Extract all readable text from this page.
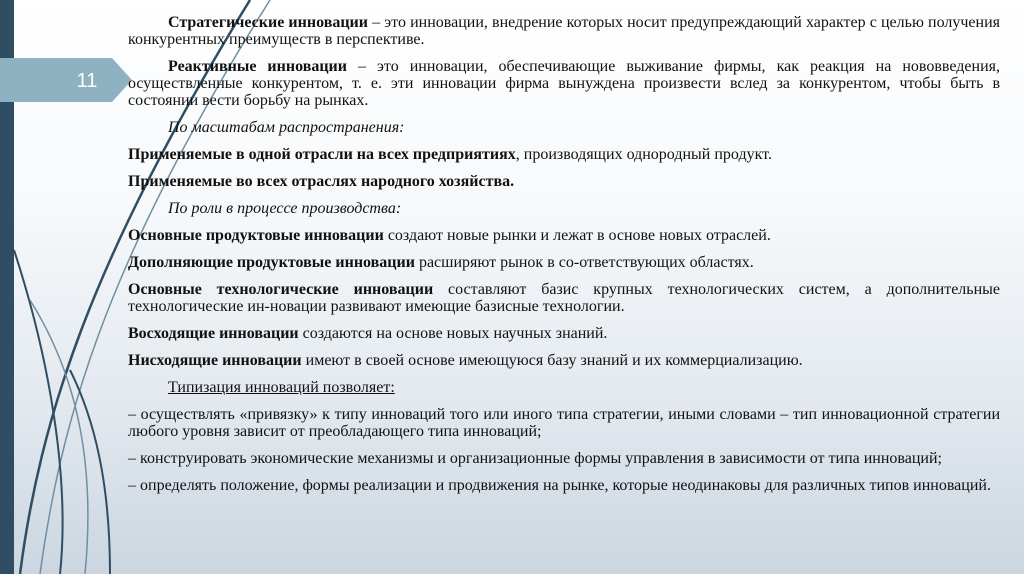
11

Стратегические инновации – это инновации, внедрение которых носит предупреждающий характер с целью получения конкурентных преимуществ в перспективе.

Реактивные инновации – это инновации, обеспечивающие выживание фирмы, как реакция на нововведения, осуществленные конкурентом, т. е. эти инновации фирма вынуждена произвести вслед за конкурентом, чтобы быть в состоянии вести борьбу на рынках.

По масштабам распространения:

Применяемые в одной отрасли на всех предприятиях, производящих однородный продукт.

Применяемые во всех отраслях народного хозяйства.

По роли в процессе производства:

Основные продуктовые инновации создают новые рынки и лежат в основе новых отраслей.

Дополняющие продуктовые инновации расширяют рынок в со-ответствующих областях.

Основные технологические инновации составляют базис крупных технологических систем, а дополнительные технологические ин-новации развивают имеющие базисные технологии.

Восходящие инновации создаются на основе новых научных знаний.

Нисходящие инновации имеют в своей основе имеющуюся базу знаний и их коммерциализацию.

Типизация инноваций позволяет:

– осуществлять «привязку» к типу инноваций того или иного типа стратегии, иными словами – тип инновационной стратегии любого уровня зависит от преобладающего типа инноваций;

– конструировать экономические механизмы и организационные формы управления в зависимости от типа инноваций;

– определять положение, формы реализации и продвижения на рынке, которые неодинаковы для различных типов инноваций.
